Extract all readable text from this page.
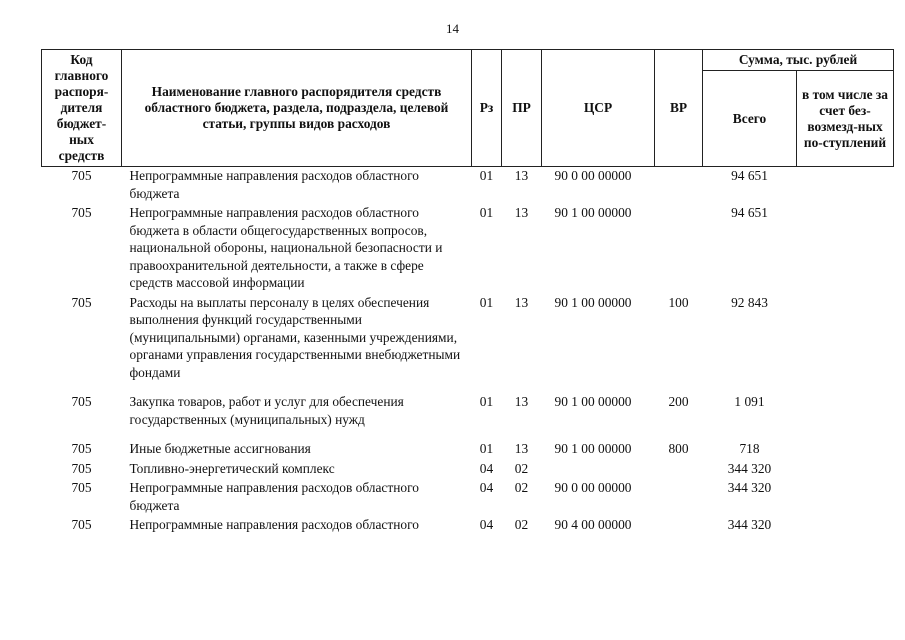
14
Код главного распоря-дителя бюджет-ных средств	Наименование главного распорядителя средств областного бюджета, раздела, подраздела, целевой статьи, группы видов расходов	Рз	ПР	ЦСР	ВР	Сумма, тыс. рублей	
						Всего	в том числе за счет без-возмезд-ных по-ступлений
705	Непрограммные направления расходов областного бюджета	01	13	90 0 00 00000		94 651	
705	Непрограммные направления расходов областного бюджета в области общегосударственных вопросов, национальной обороны, национальной безопасности и правоохранительной деятельности, а также в сфере средств массовой информации	01	13	90 1 00 00000		94 651	
705	Расходы на выплаты персоналу в целях обеспечения выполнения функций государственными (муниципальными) органами, казенными учреждениями, органами управления государственными внебюджетными фондами	01	13	90 1 00 00000	100	92 843	
705	Закупка товаров, работ и услуг для обеспечения государственных (муниципальных) нужд	01	13	90 1 00 00000	200	1 091	
705	Иные бюджетные ассигнования	01	13	90 1 00 00000	800	718	
705	Топливно-энергетический комплекс	04	02			344 320	
705	Непрограммные направления расходов областного бюджета	04	02	90 0 00 00000		344 320	
705	Непрограммные направления расходов областного	04	02	90 4 00 00000		344 320	
